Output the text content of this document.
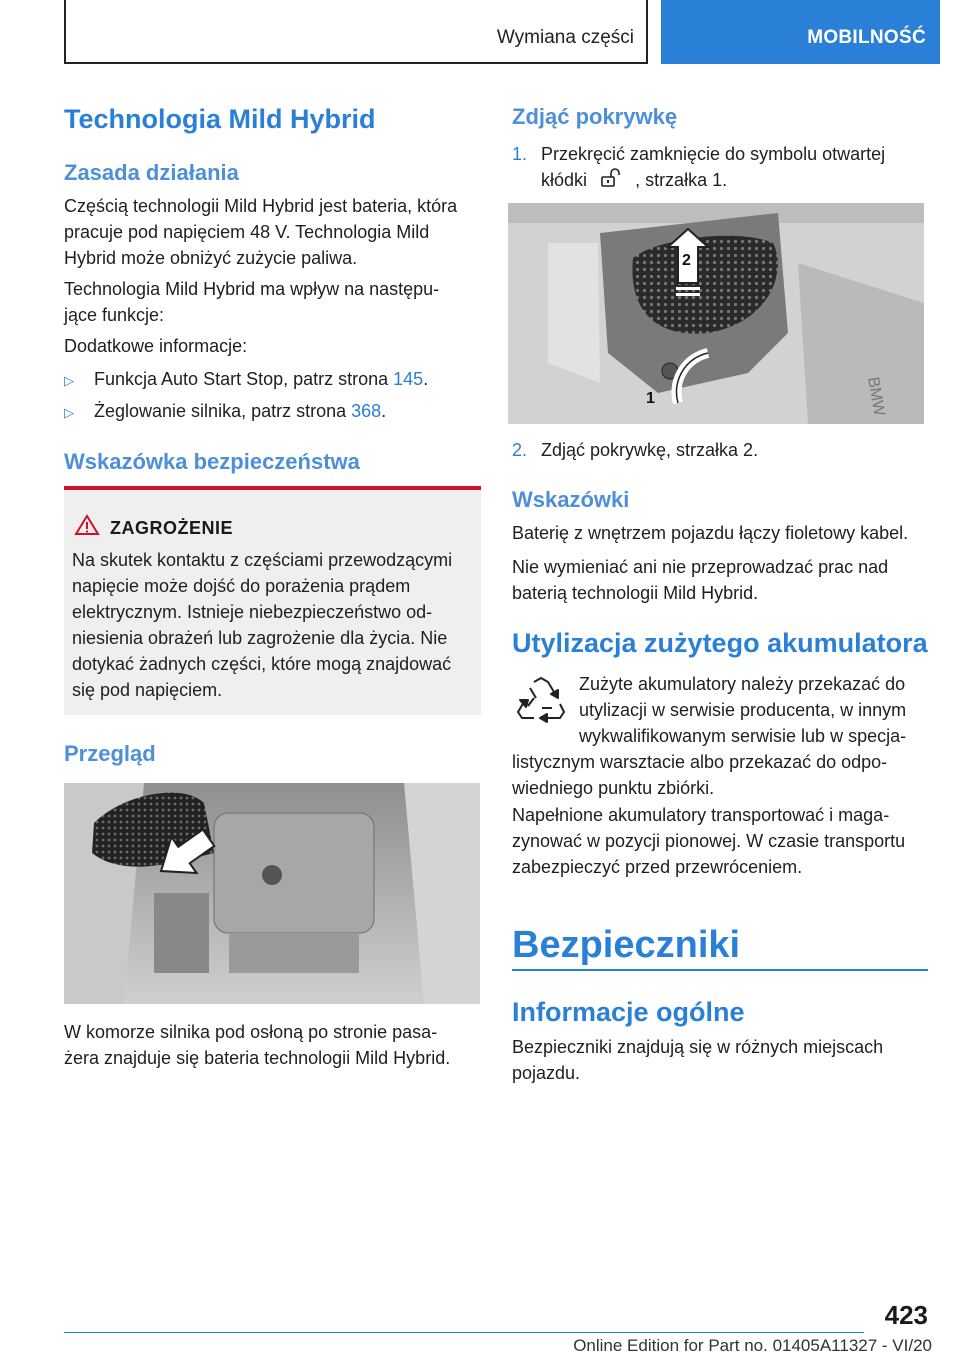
Wymiana części	MOBILNOŚĆ
Technologia Mild Hybrid
Zasada działania
Częścią technologii Mild Hybrid jest bateria, która
pracuje pod napięciem 48 V. Technologia Mild
Hybrid może obniżyć zużycie paliwa.
Technologia Mild Hybrid ma wpływ na następu‐
jące funkcje:
Dodatkowe informacje:
▷ Funkcja Auto Start Stop, patrz strona 145.
▷ Żeglowanie silnika, patrz strona 368.
Wskazówka bezpieczeństwa
ZAGROŻENIE
Na skutek kontaktu z częściami przewodzącymi
napięcie może dojść do porażenia prądem
elektrycznym. Istnieje niebezpieczeństwo od‐
niesienia obrażeń lub zagrożenie dla życia. Nie
dotykać żadnych części, które mogą znajdować
się pod napięciem.
Przegląd
W komorze silnika pod osłoną po stronie pasa‐
żera znajduje się bateria technologii Mild Hybrid.
Zdjąć pokrywkę
1. Przekręcić zamknięcie do symbolu otwartej
kłódki	, strzałka 1.
BMW
2
1
2. Zdjąć pokrywkę, strzałka 2.
Wskazówki
Baterię z wnętrzem pojazdu łączy fioletowy kabel.
Nie wymieniać ani nie przeprowadzać prac nad
baterią technologii Mild Hybrid.
Utylizacja zużytego akumulatora
Zużyte akumulatory należy przekazać do
utylizacji w serwisie producenta, w innym
wykwalifikowanym serwisie lub w specja‐
listycznym warsztacie albo przekazać do odpo‐
wiedniego punktu zbiórki.
Napełnione akumulatory transportować i maga‐
zynować w pozycji pionowej. W czasie transportu
zabezpieczyć przed przewróceniem.
Bezpieczniki
Informacje ogólne
Bezpieczniki znajdują się w różnych miejscach
pojazdu.
423
Online Edition for Part no. 01405A11327 - VI/20
